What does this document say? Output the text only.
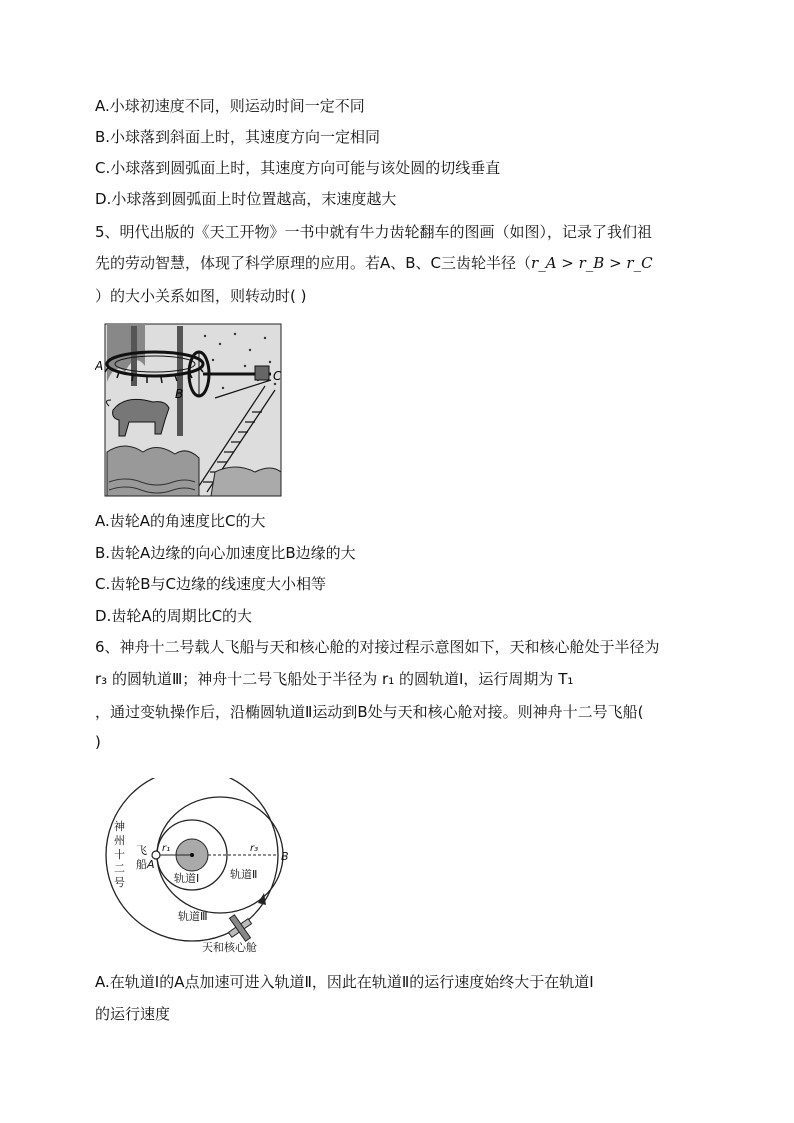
A.小球初速度不同，则运动时间一定不同
B.小球落到斜面上时，其速度方向一定相同
C.小球落到圆弧面上时，其速度方向可能与该处圆的切线垂直
D.小球落到圆弧面上时位置越高，末速度越大
5、明代出版的《天工开物》一书中就有牛力齿轮翻车的图画（如图），记录了我们祖
先的劳动智慧，体现了科学原理的应用。若A、B、C三齿轮半径（r_A > r_B > r_C
）的大小关系如图，则转动时( )
A
B
C
A.齿轮A的角速度比C的大
B.齿轮A边缘的向心加速度比B边缘的大
C.齿轮B与C边缘的线速度大小相等
D.齿轮A的周期比C的大
6、神舟十二号载人飞船与天和核心舱的对接过程示意图如下，天和核心舱处于半径为
r₃ 的圆轨道Ⅲ；神舟十二号飞船处于半径为 r₁ 的圆轨道Ⅰ，运行周期为 T₁
，通过变轨操作后，沿椭圆轨道Ⅱ运动到B处与天和核心舱对接。则神舟十二号飞船(
)
神
州
十
二
号
飞
船 A
B
r₁	r₃
轨道Ⅰ	轨道Ⅱ
轨道Ⅲ
天和核心舱
A.在轨道Ⅰ的A点加速可进入轨道Ⅱ，因此在轨道Ⅱ的运行速度始终大于在轨道Ⅰ
的运行速度
